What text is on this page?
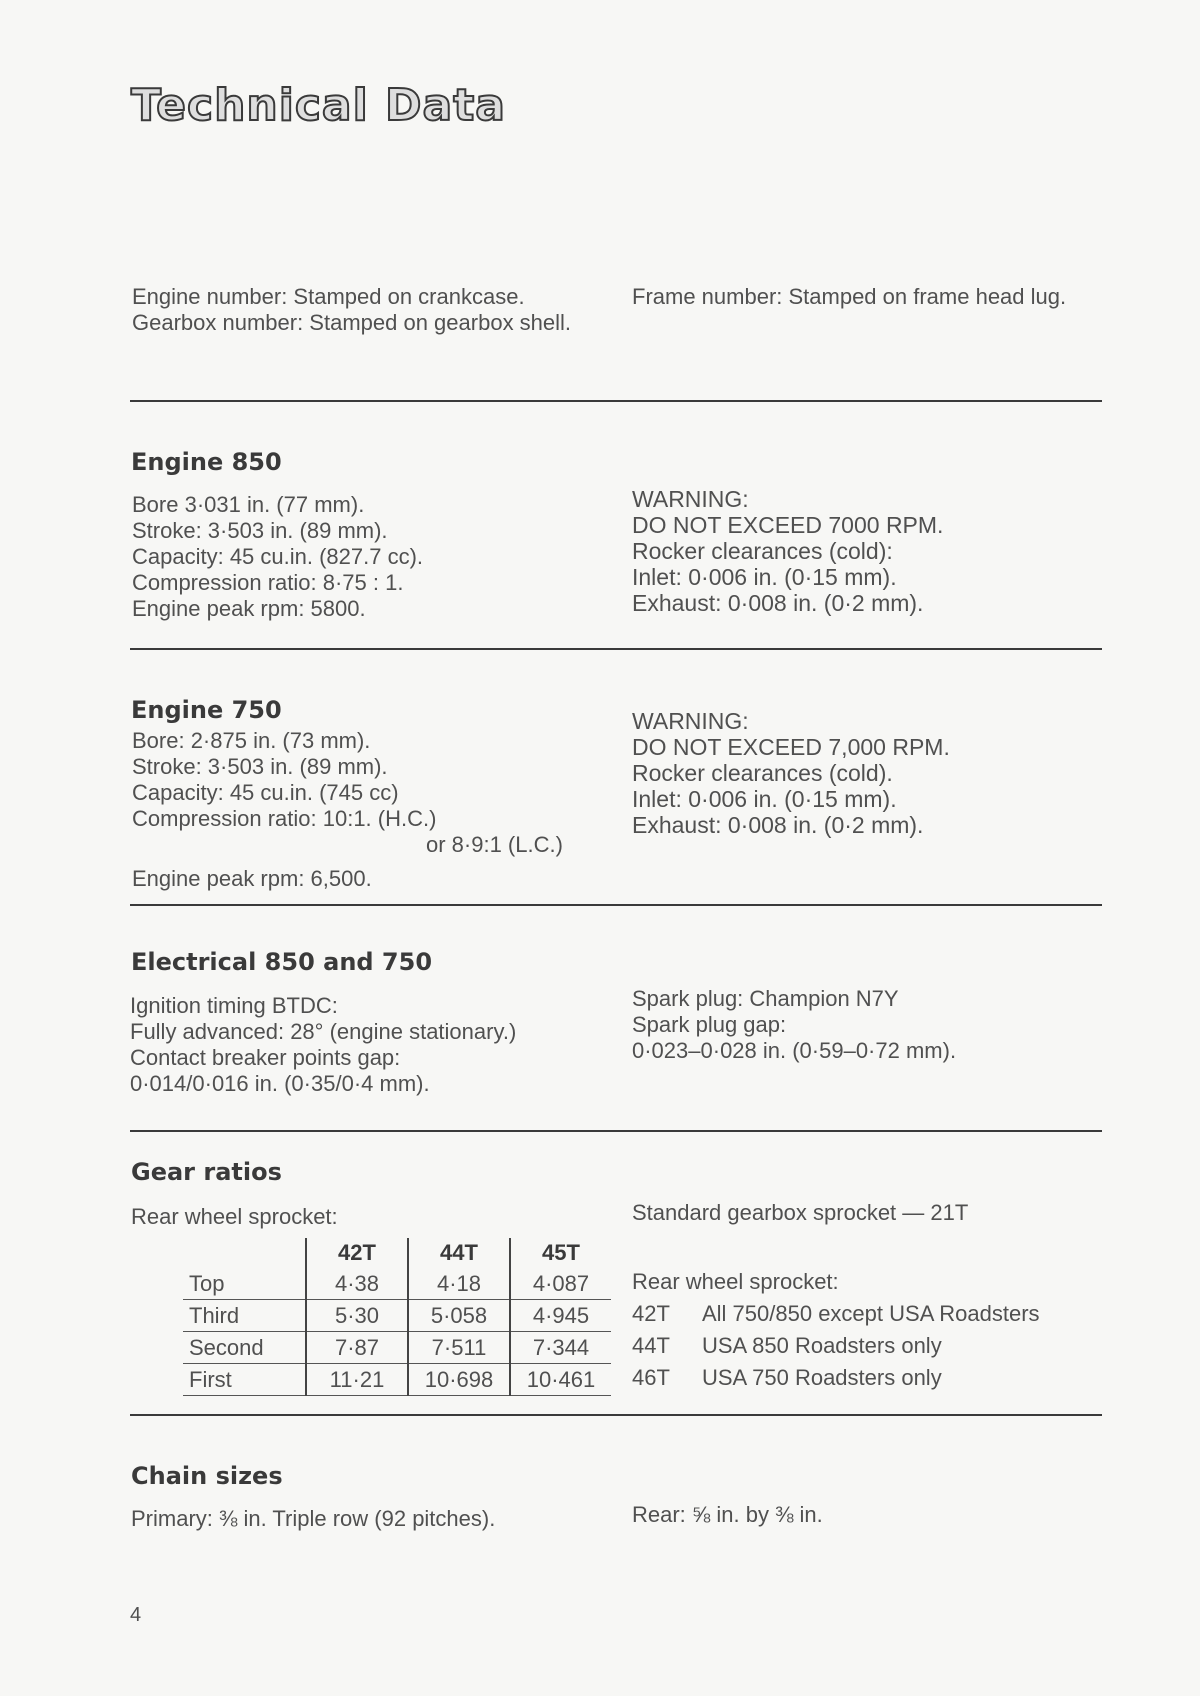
Technical Data

Engine number: Stamped on crankcase.

Gearbox number: Stamped on gearbox shell.

Frame number: Stamped on frame head lug.

Engine 850

Bore 3·031 in. (77 mm).

Stroke: 3·503 in. (89 mm).

Capacity: 45 cu.in. (827.7 cc).

Compression ratio: 8·75 : 1.

Engine peak rpm: 5800.

WARNING:

DO NOT EXCEED 7000 RPM.

Rocker clearances (cold):

Inlet: 0·006 in. (0·15 mm).

Exhaust: 0·008 in. (0·2 mm).

Engine 750

Bore: 2·875 in. (73 mm).

Stroke: 3·503 in. (89 mm).

Capacity: 45 cu.in. (745 cc)

Compression ratio: 10:1. (H.C.)

or 8·9:1 (L.C.)

Engine peak rpm: 6,500.

WARNING:

DO NOT EXCEED 7,000 RPM.

Rocker clearances (cold).

Inlet: 0·006 in. (0·15 mm).

Exhaust: 0·008 in. (0·2 mm).

Electrical 850 and 750

Ignition timing BTDC:

Fully advanced: 28° (engine stationary.)

Contact breaker points gap:

0·014/0·016 in. (0·35/0·4 mm).

Spark plug: Champion N7Y

Spark plug gap:

0·023–0·028 in. (0·59–0·72 mm).

Gear ratios

Rear wheel sprocket:

	42T	44T	45T
Top	4·38	4·18	4·087
Third	5·30	5·058	4·945
Second	7·87	7·511	7·344
First	11·21	10·698	10·461

Standard gearbox sprocket — 21T

Rear wheel sprocket:
42T All 750/850 except USA Roadsters
44T USA 850 Roadsters only
46T USA 750 Roadsters only
Chain sizes

Primary: ⅜ in. Triple row (92 pitches).	Rear: ⅝ in. by ⅜ in.

4
